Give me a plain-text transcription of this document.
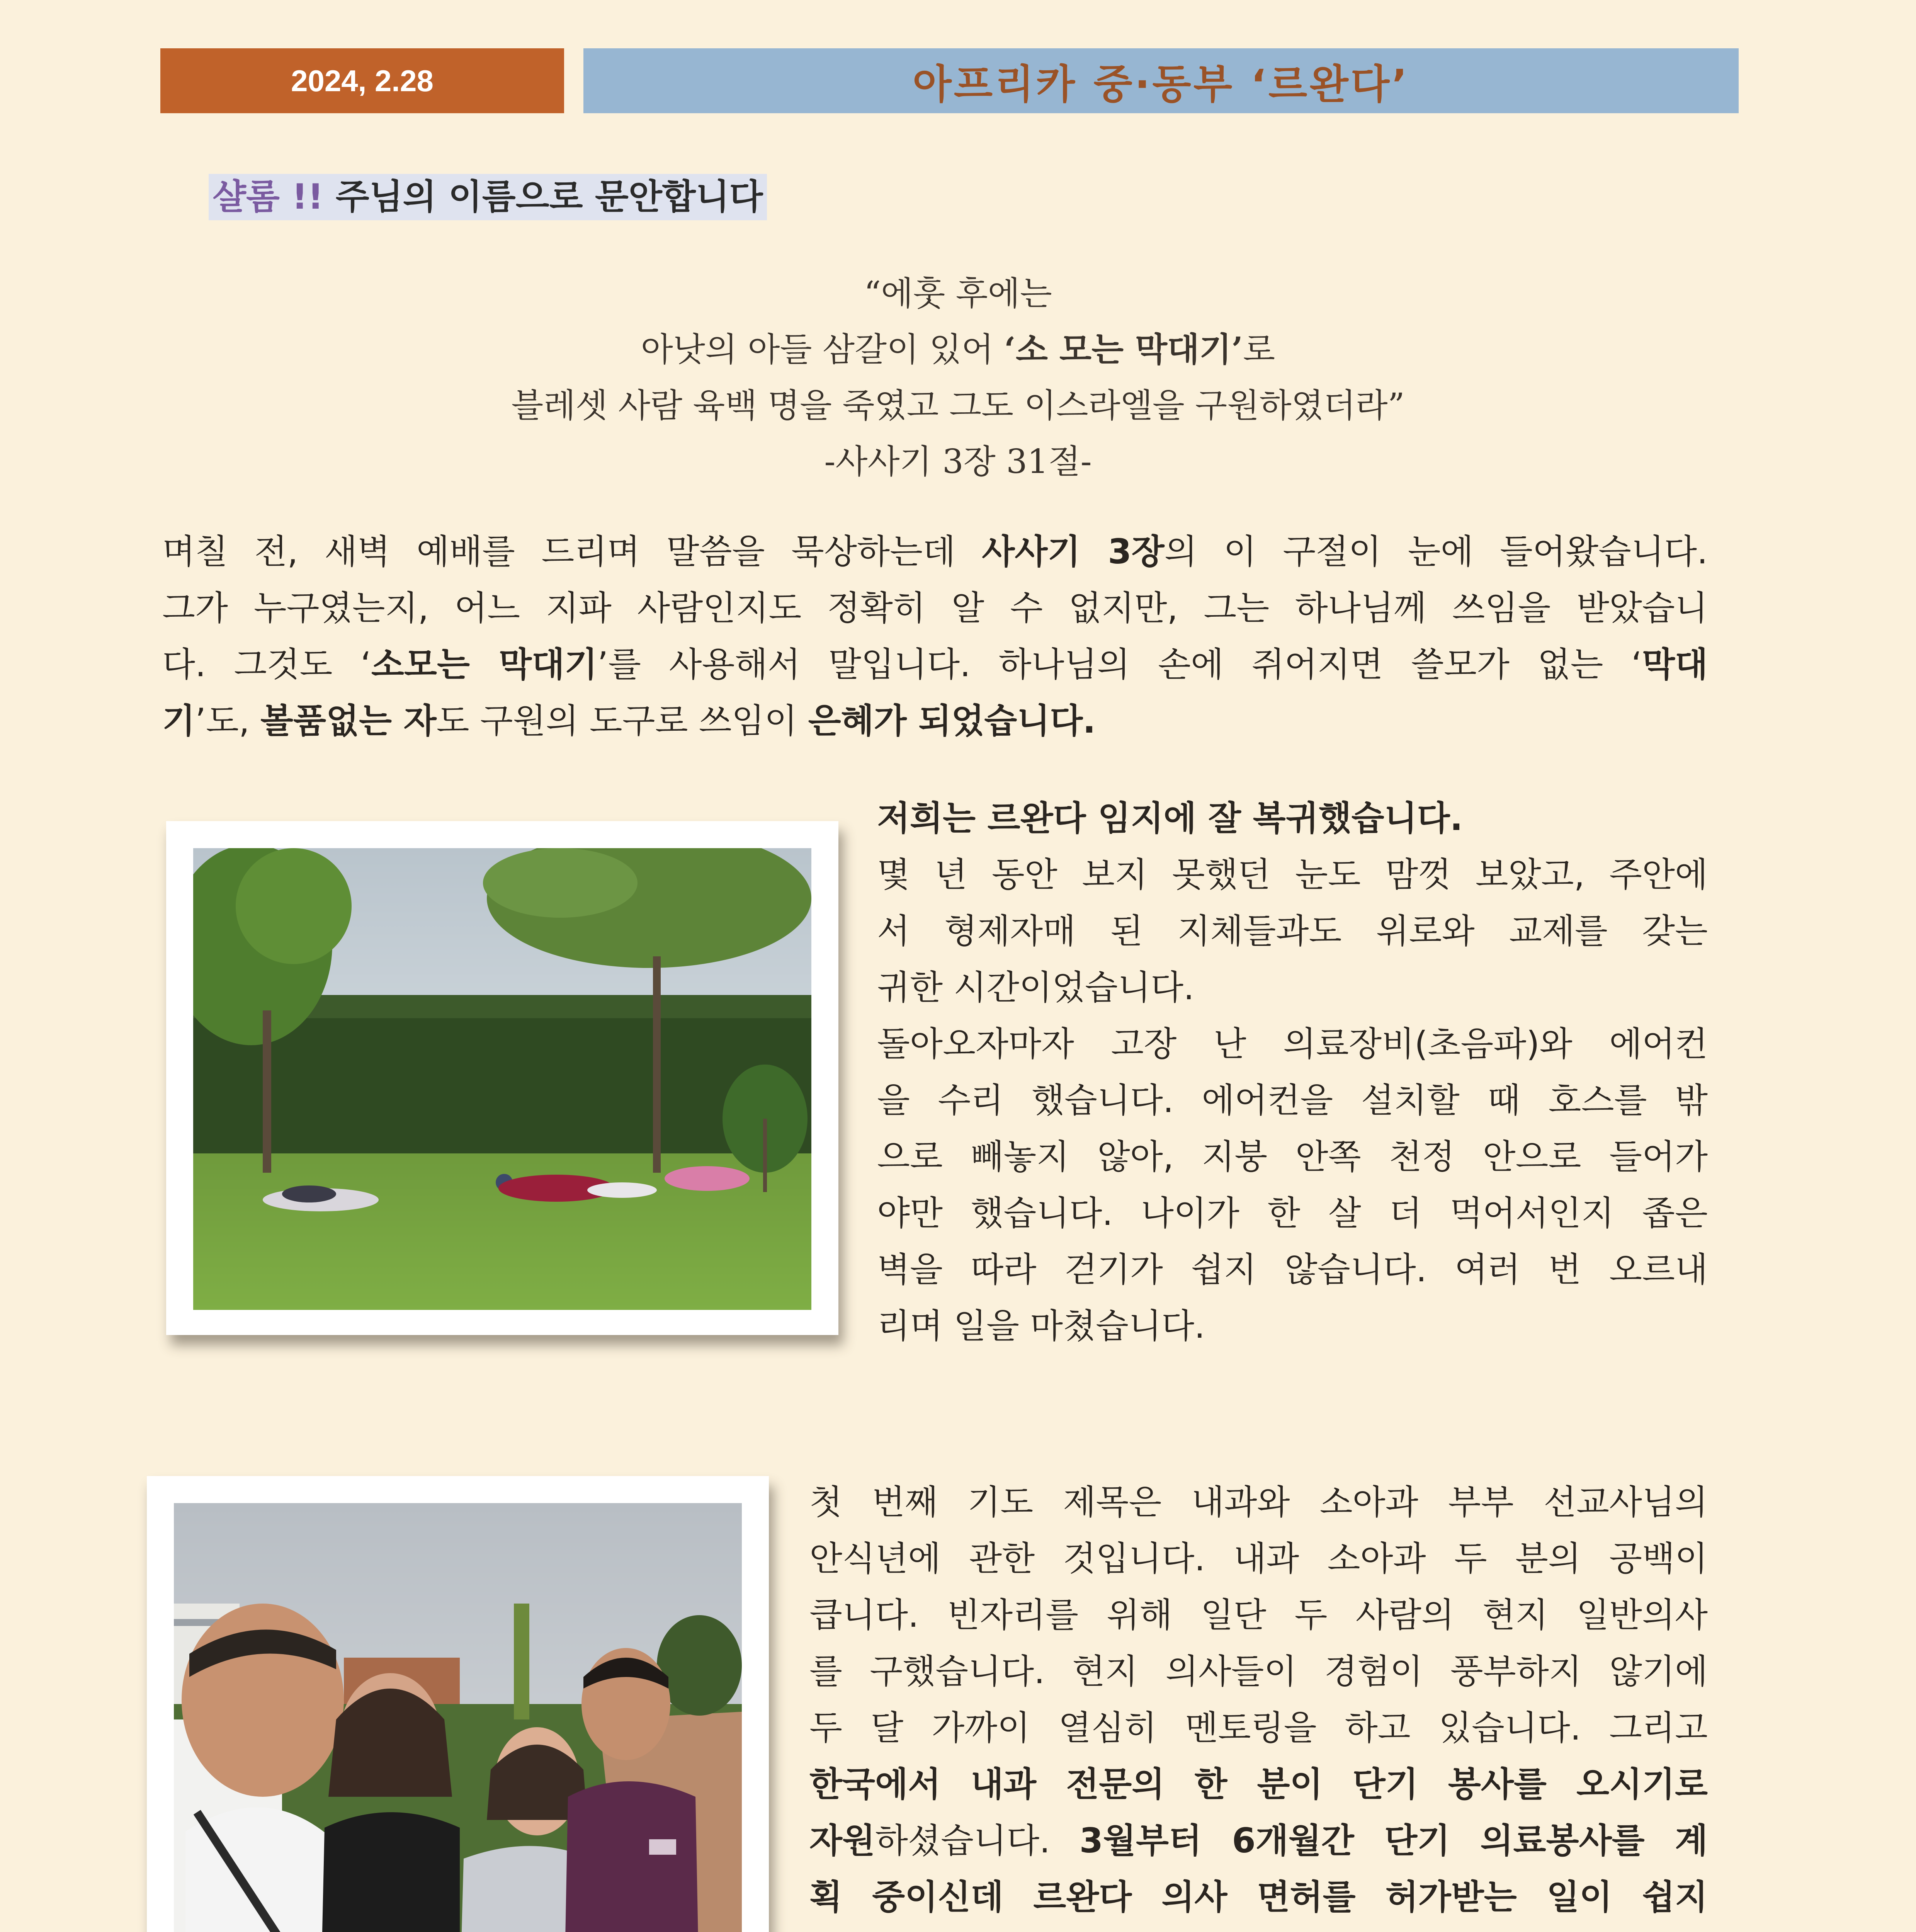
2024, 2.28	아프리카 중·동부 ‘르완다’
샬롬 !! 주님의 이름으로 문안합니다
“에훗 후에는
아낫의 아들 삼갈이 있어 ‘소 모는 막대기’로
블레셋 사람 육백 명을 죽였고 그도 이스라엘을 구원하였더라”
-사사기 3장 31절-
며칠 전, 새벽 예배를 드리며 말씀을 묵상하는데 사사기 3장의 이 구절이 눈에 들어왔습니다.
그가 누구였는지, 어느 지파 사람인지도 정확히 알 수 없지만, 그는 하나님께 쓰임을 받았습니
다. 그것도 ‘소모는 막대기’를 사용해서 말입니다. 하나님의 손에 쥐어지면 쓸모가 없는 ‘막대
기’도, 볼품없는 자도 구원의 도구로 쓰임이 은혜가 되었습니다.
저희는 르완다 임지에 잘 복귀했습니다.
몇 년 동안 보지 못했던 눈도 맘껏 보았고, 주안에
서 형제자매 된 지체들과도 위로와 교제를 갖는
귀한 시간이었습니다.
돌아오자마자 고장 난 의료장비(초음파)와 에어컨
을 수리 했습니다. 에어컨을 설치할 때 호스를 밖
으로 빼놓지 않아, 지붕 안쪽 천정 안으로 들어가
야만 했습니다. 나이가 한 살 더 먹어서인지 좁은
벽을 따라 걷기가 쉽지 않습니다. 여러 번 오르내
리며 일을 마쳤습니다.
첫 번째 기도 제목은 내과와 소아과 부부 선교사님의
안식년에 관한 것입니다. 내과 소아과 두 분의 공백이
큽니다. 빈자리를 위해 일단 두 사람의 현지 일반의사
를 구했습니다. 현지 의사들이 경험이 풍부하지 않기에
두 달 가까이 열심히 멘토링을 하고 있습니다. 그리고
한국에서 내과 전문의 한 분이 단기 봉사를 오시기로
자원하셨습니다. 3월부터 6개월간 단기 의료봉사를 계
획 중이신데 르완다 의사 면허를 허가받는 일이 쉽지
